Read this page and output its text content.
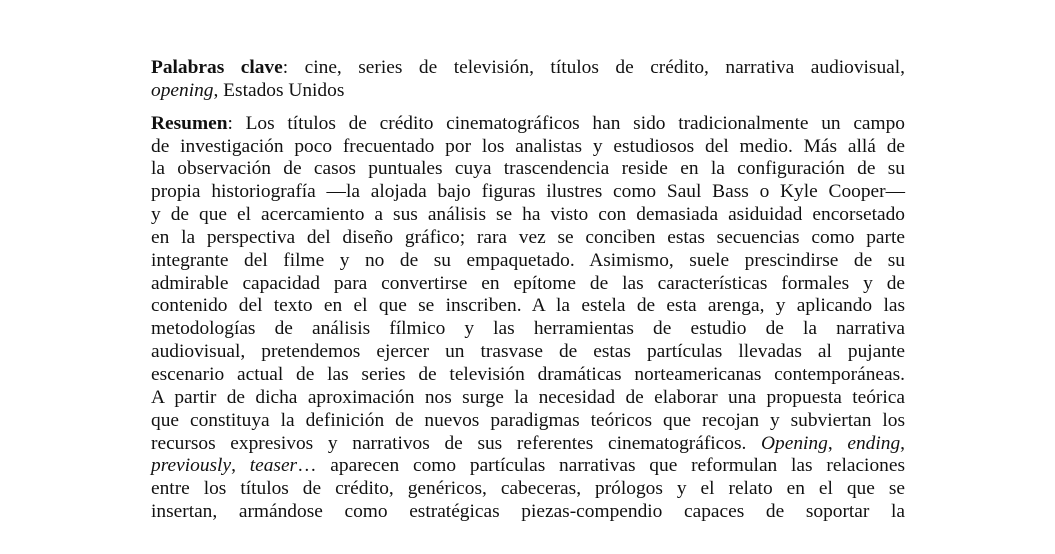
Palabras clave: cine, series de televisión, títulos de crédito, narrativa audiovisual,
opening, Estados Unidos
Resumen: Los títulos de crédito cinematográficos han sido tradicionalmente un campo
de investigación poco frecuentado por los analistas y estudiosos del medio. Más allá de
la observación de casos puntuales cuya trascendencia reside en la configuración de su
propia historiografía —la alojada bajo figuras ilustres como Saul Bass o Kyle Cooper—
y de que el acercamiento a sus análisis se ha visto con demasiada asiduidad encorsetado
en la perspectiva del diseño gráfico; rara vez se conciben estas secuencias como parte
integrante del filme y no de su empaquetado. Asimismo, suele prescindirse de su
admirable capacidad para convertirse en epítome de las características formales y de
contenido del texto en el que se inscriben. A la estela de esta arenga, y aplicando las
metodologías de análisis fílmico y las herramientas de estudio de la narrativa
audiovisual, pretendemos ejercer un trasvase de estas partículas llevadas al pujante
escenario actual de las series de televisión dramáticas norteamericanas contemporáneas.
A partir de dicha aproximación nos surge la necesidad de elaborar una propuesta teórica
que constituya la definición de nuevos paradigmas teóricos que recojan y subviertan los
recursos expresivos y narrativos de sus referentes cinematográficos. Opening, ending,
previously, teaser… aparecen como partículas narrativas que reformulan las relaciones
entre los títulos de crédito, genéricos, cabeceras, prólogos y el relato en el que se
insertan, armándose como estratégicas piezas-compendio capaces de soportar la
